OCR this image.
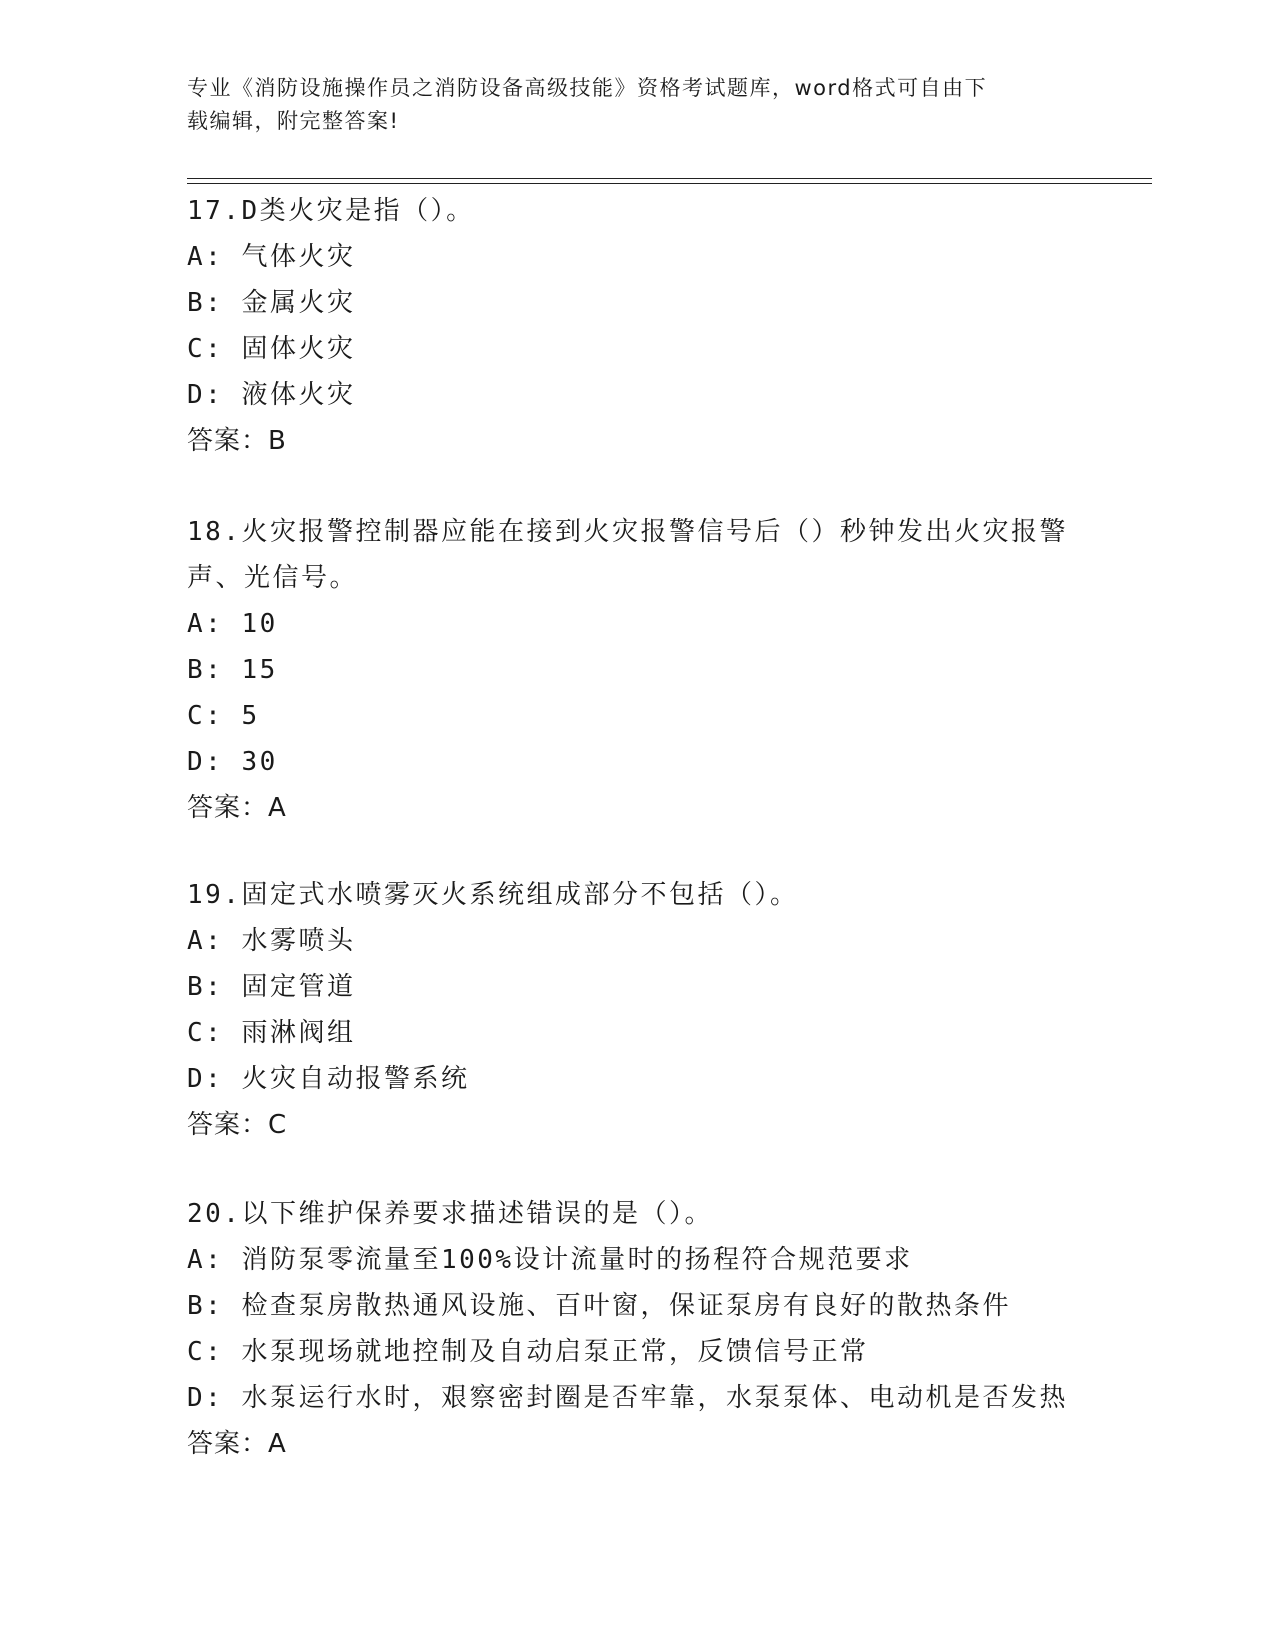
专业《消防设施操作员之消防设备高级技能》资格考试题库，word格式可自由下
载编辑，附完整答案!
17.D类火灾是指（）。
A: 气体火灾
B: 金属火灾
C: 固体火灾
D: 液体火灾
答案：B
18.火灾报警控制器应能在接到火灾报警信号后（）秒钟发出火灾报警
声、光信号。
A: 10
B: 15
C: 5
D: 30
答案：A
19.固定式水喷雾灭火系统组成部分不包括（）。
A: 水雾喷头
B: 固定管道
C: 雨淋阀组
D: 火灾自动报警系统
答案：C
20.以下维护保养要求描述错误的是（）。
A: 消防泵零流量至100%设计流量时的扬程符合规范要求
B: 检查泵房散热通风设施、百叶窗，保证泵房有良好的散热条件
C: 水泵现场就地控制及自动启泵正常，反馈信号正常
D: 水泵运行水时，艰察密封圈是否牢靠，水泵泵体、电动机是否发热
答案：A
